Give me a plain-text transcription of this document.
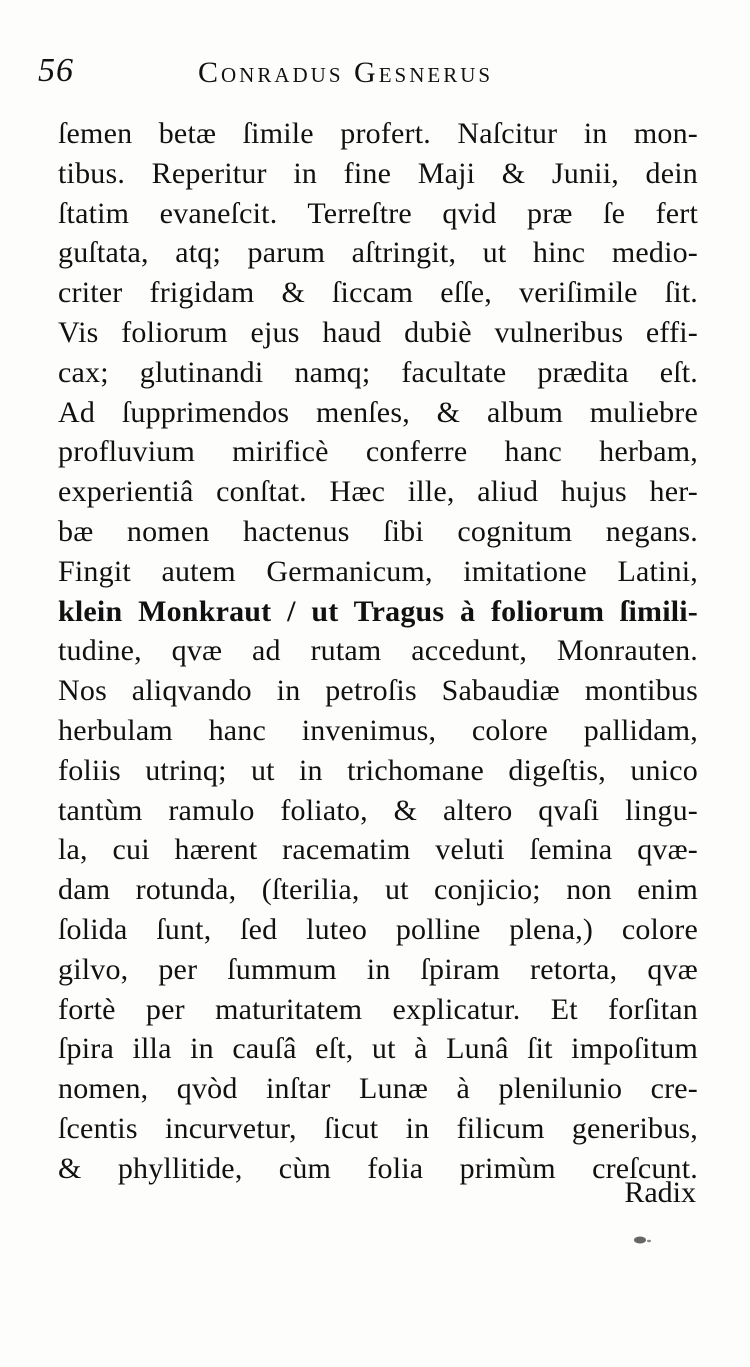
56	Conradus Gesnerus
ſemen betæ ſimile profert. Naſcitur in mon-
tibus. Reperitur in fine Maji & Junii, dein
ſtatim evaneſcit. Terreſtre qvid præ ſe fert
guſtata, atq; parum aſtringit, ut hinc medio-
criter frigidam & ſiccam eſſe, veriſimile ſit.
Vis foliorum ejus haud dubiè vulneribus effi-
cax; glutinandi namq; facultate prædita eſt.
Ad ſupprimendos menſes, & album muliebre
profluvium mirificè conferre hanc herbam,
experientiâ conſtat. Hæc ille, aliud hujus her-
bæ nomen hactenus ſibi cognitum negans.
Fingit autem Germanicum, imitatione Latini,
klein Monkraut / ut Tragus à foliorum ſimili-
tudine, qvæ ad rutam accedunt, Monrauten.
Nos aliqvando in petroſis Sabaudiæ montibus
herbulam hanc invenimus, colore pallidam,
foliis utrinq; ut in trichomane digeſtis, unico
tantùm ramulo foliato, & altero qvaſi lingu-
la, cui hærent racematim veluti ſemina qvæ-
dam rotunda, (ſterilia, ut conjicio; non enim
ſolida ſunt, ſed luteo polline plena,) colore
gilvo, per ſummum in ſpiram retorta, qvæ
fortè per maturitatem explicatur. Et forſitan
ſpira illa in cauſâ eſt, ut à Lunâ ſit impoſitum
nomen, qvòd inſtar Lunæ à plenilunio cre-
ſcentis incurvetur, ſicut in filicum generibus,
& phyllitide, cùm folia primùm creſcunt.
Radix
